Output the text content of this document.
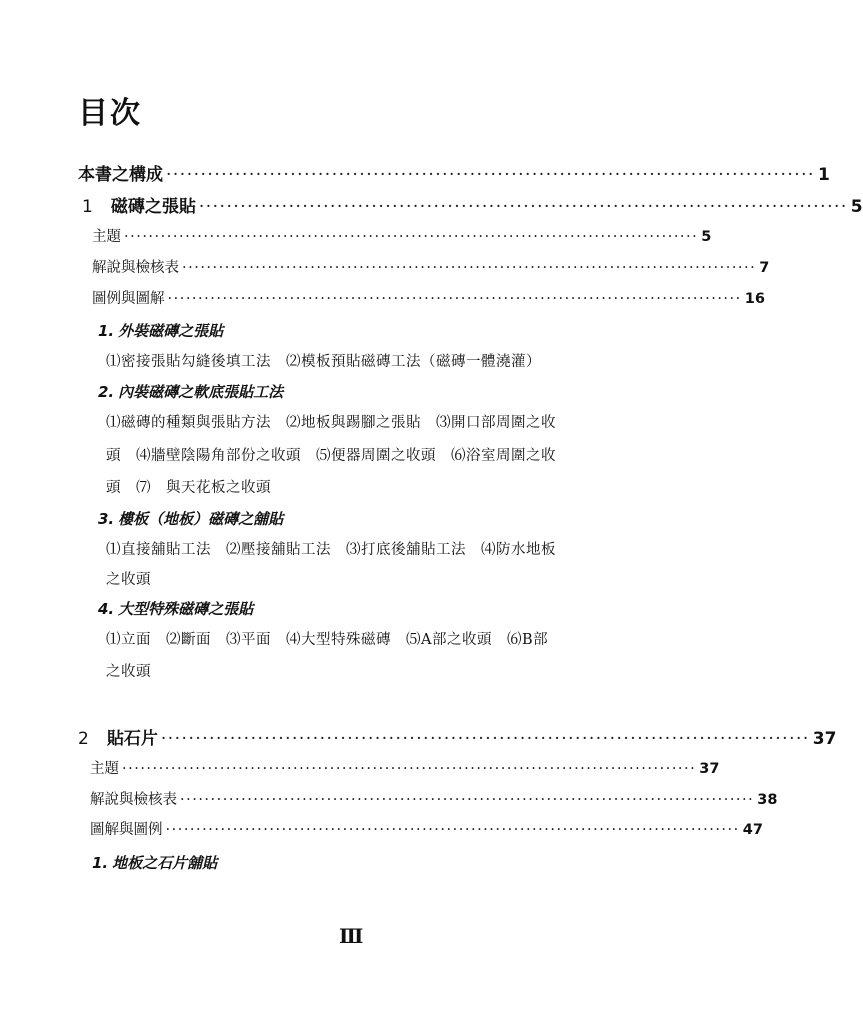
目次
本書之構成 ······························································································ 1
1 磁磚之張貼 ······························································································ 5
主題 ······························································································ 5
解說與檢核表 ······························································································ 7
圖例與圖解 ······························································································ 16
1. 外裝磁磚之張貼
⑴密接張貼勾縫後填工法　⑵模板預貼磁磚工法（磁磚一體澆灌）
2. 內裝磁磚之軟底張貼工法
⑴磁磚的種類與張貼方法　⑵地板與踢腳之張貼　⑶開口部周圍之收
頭　⑷牆壁陰陽角部份之收頭　⑸便器周圍之收頭　⑹浴室周圍之收
頭　⑺　與天花板之收頭
3. 樓板（地板）磁磚之舖貼
⑴直接舖貼工法　⑵壓接舖貼工法　⑶打底後舖貼工法　⑷防水地板
之收頭
4. 大型特殊磁磚之張貼
⑴立面　⑵斷面　⑶平面　⑷大型特殊磁磚　⑸A部之收頭　⑹B部
之收頭
2 貼石片 ······························································································ 37
主題 ······························································································ 37
解說與檢核表 ······························································································ 38
圖解與圖例 ······························································································ 47
1. 地板之石片舖貼
Ⅲ
